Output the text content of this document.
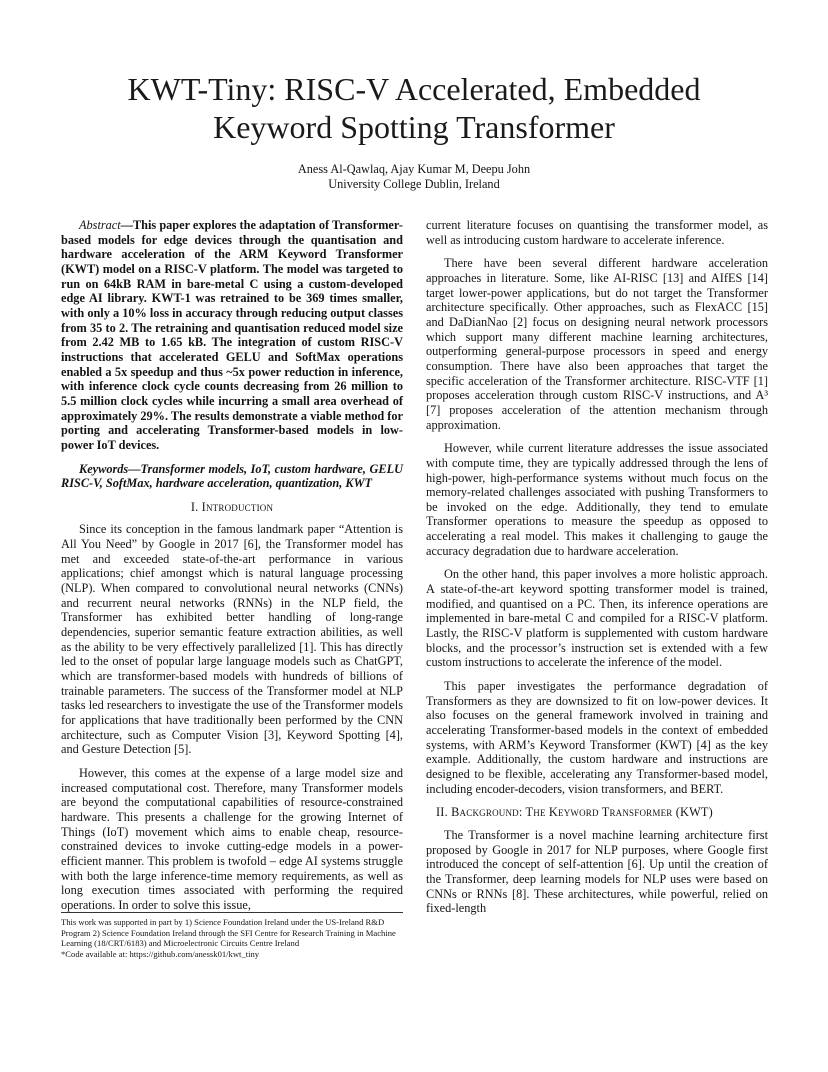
KWT-Tiny: RISC-V Accelerated, Embedded
Keyword Spotting Transformer
Aness Al-Qawlaq, Ajay Kumar M, Deepu John
University College Dublin, Ireland

Abstract—This paper explores the adaptation of Transformer-based models for edge devices through the quantisation and hardware acceleration of the ARM Keyword Transformer (KWT) model on a RISC-V platform. The model was targeted to run on 64kB RAM in bare-metal C using a custom-developed edge AI library. KWT-1 was retrained to be 369 times smaller, with only a 10% loss in accuracy through reducing output classes from 35 to 2. The retraining and quantisation reduced model size from 2.42 MB to 1.65 kB. The integration of custom RISC-V instructions that accelerated GELU and SoftMax operations enabled a 5x speedup and thus ~5x power reduction in inference, with inference clock cycle counts decreasing from 26 million to 5.5 million clock cycles while incurring a small area overhead of approximately 29%. The results demonstrate a viable method for porting and accelerating Transformer-based models in low-power IoT devices.

Keywords—Transformer models, IoT, custom hardware, GELU RISC-V, SoftMax, hardware acceleration, quantization, KWT

I. Introduction

Since its conception in the famous landmark paper “Attention is All You Need” by Google in 2017 [6], the Transformer model has met and exceeded state-of-the-art performance in various applications; chief amongst which is natural language processing (NLP). When compared to convolutional neural networks (CNNs) and recurrent neural networks (RNNs) in the NLP field, the Transformer has exhibited better handling of long-range dependencies, superior semantic feature extraction abilities, as well as the ability to be very effectively parallelized [1]. This has directly led to the onset of popular large language models such as ChatGPT, which are transformer-based models with hundreds of billions of trainable parameters. The success of the Transformer model at NLP tasks led researchers to investigate the use of the Transformer models for applications that have traditionally been performed by the CNN architecture, such as Computer Vision [3], Keyword Spotting [4], and Gesture Detection [5].

However, this comes at the expense of a large model size and increased computational cost. Therefore, many Transformer models are beyond the computational capabilities of resource-constrained hardware. This presents a challenge for the growing Internet of Things (IoT) movement which aims to enable cheap, resource-constrained devices to invoke cutting-edge models in a power-efficient manner. This problem is twofold – edge AI systems struggle with both the large inference-time memory requirements, as well as long execution times associated with performing the required operations. In order to solve this issue,

current literature focuses on quantising the transformer model, as well as introducing custom hardware to accelerate inference.

There have been several different hardware acceleration approaches in literature. Some, like AI-RISC [13] and AIfES [14] target lower-power applications, but do not target the Transformer architecture specifically. Other approaches, such as FlexACC [15] and DaDianNao [2] focus on designing neural network processors which support many different machine learning architectures, outperforming general-purpose processors in speed and energy consumption. There have also been approaches that target the specific acceleration of the Transformer architecture. RISC-VTF [1] proposes acceleration through custom RISC-V instructions, and A³ [7] proposes acceleration of the attention mechanism through approximation.

However, while current literature addresses the issue associated with compute time, they are typically addressed through the lens of high-power, high-performance systems without much focus on the memory-related challenges associated with pushing Transformers to be invoked on the edge. Additionally, they tend to emulate Transformer operations to measure the speedup as opposed to accelerating a real model. This makes it challenging to gauge the accuracy degradation due to hardware acceleration.

On the other hand, this paper involves a more holistic approach. A state-of-the-art keyword spotting transformer model is trained, modified, and quantised on a PC. Then, its inference operations are implemented in bare-metal C and compiled for a RISC-V platform. Lastly, the RISC-V platform is supplemented with custom hardware blocks, and the processor’s instruction set is extended with a few custom instructions to accelerate the inference of the model.

This paper investigates the performance degradation of Transformers as they are downsized to fit on low-power devices. It also focuses on the general framework involved in training and accelerating Transformer-based models in the context of embedded systems, with ARM’s Keyword Transformer (KWT) [4] as the key example. Additionally, the custom hardware and instructions are designed to be flexible, accelerating any Transformer-based model, including encoder-decoders, vision transformers, and BERT.

II. Background: The Keyword Transformer (KWT)

The Transformer is a novel machine learning architecture first proposed by Google in 2017 for NLP purposes, where Google first introduced the concept of self-attention [6]. Up until the creation of the Transformer, deep learning models for NLP uses were based on CNNs or RNNs [8]. These architectures, while powerful, relied on fixed-length

This work was supported in part by 1) Science Foundation Ireland under the US-Ireland R&D Program 2) Science Foundation Ireland through the SFI Centre for Research Training in Machine Learning (18/CRT/6183) and Microelectronic Circuits Centre Ireland
*Code available at: https://github.com/anessk01/kwt_tiny
